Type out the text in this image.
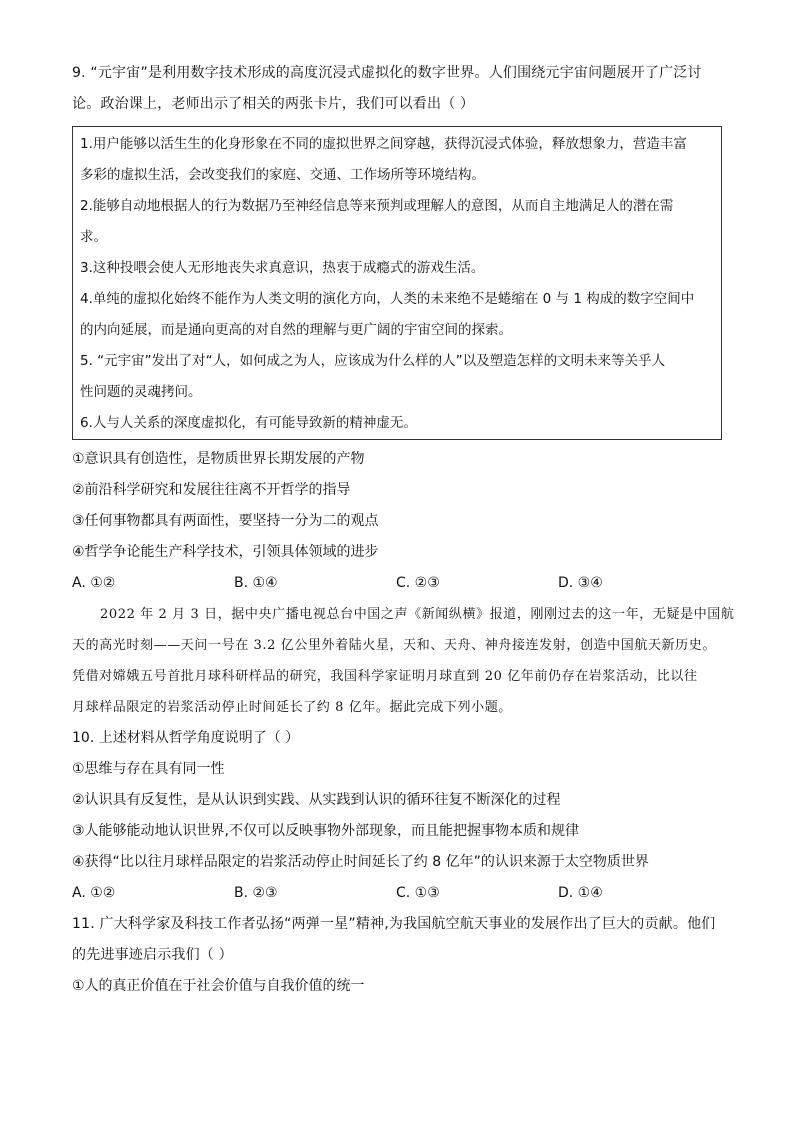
9. “元宇宙”是利用数字技术形成的高度沉浸式虚拟化的数字世界。人们围绕元宇宙问题展开了广泛讨

论。政治课上，老师出示了相关的两张卡片，我们可以看出（ ）

1.用户能够以活生生的化身形象在不同的虚拟世界之间穿越，获得沉浸式体验，释放想象力，营造丰富

多彩的虚拟生活，会改变我们的家庭、交通、工作场所等环境结构。

2.能够自动地根据人的行为数据乃至神经信息等来预判或理解人的意图，从而自主地满足人的潜在需

求。

3.这种投喂会使人无形地丧失求真意识，热衷于成瘾式的游戏生活。

4.单纯的虚拟化始终不能作为人类文明的演化方向，人类的未来绝不是蜷缩在 0 与 1 构成的数字空间中

的内向延展，而是通向更高的对自然的理解与更广阔的宇宙空间的探索。

5. “元宇宙”发出了对“人，如何成之为人，应该成为什么样的人”以及塑造怎样的文明未来等关乎人

性问题的灵魂拷问。

6.人与人关系的深度虚拟化，有可能导致新的精神虚无。

①意识具有创造性，是物质世界长期发展的产物

②前沿科学研究和发展往往离不开哲学的指导

③任何事物都具有两面性，要坚持一分为二的观点

④哲学争论能生产科学技术，引领具体领域的进步

A. ①②	B. ①④	C. ②③	D. ③④

2022 年 2 月 3 日，据中央广播电视总台中国之声《新闻纵横》报道，刚刚过去的这一年，无疑是中国航

天的高光时刻——天问一号在 3.2 亿公里外着陆火星，天和、天舟、神舟接连发射，创造中国航天新历史。

凭借对嫦娥五号首批月球科研样品的研究，我国科学家证明月球直到 20 亿年前仍存在岩浆活动，比以往

月球样品限定的岩浆活动停止时间延长了约 8 亿年。据此完成下列小题。

10. 上述材料从哲学角度说明了（ ）

①思维与存在具有同一性

②认识具有反复性，是从认识到实践、从实践到认识的循环往复不断深化的过程

③人能够能动地认识世界,不仅可以反映事物外部现象，而且能把握事物本质和规律

④获得“比以往月球样品限定的岩浆活动停止时间延长了约 8 亿年”的认识来源于太空物质世界

A. ①②	B. ②③	C. ①③	D. ①④

11. 广大科学家及科技工作者弘扬“两弹一星”精神,为我国航空航天事业的发展作出了巨大的贡献。他们

的先进事迹启示我们（ ）

①人的真正价值在于社会价值与自我价值的统一
